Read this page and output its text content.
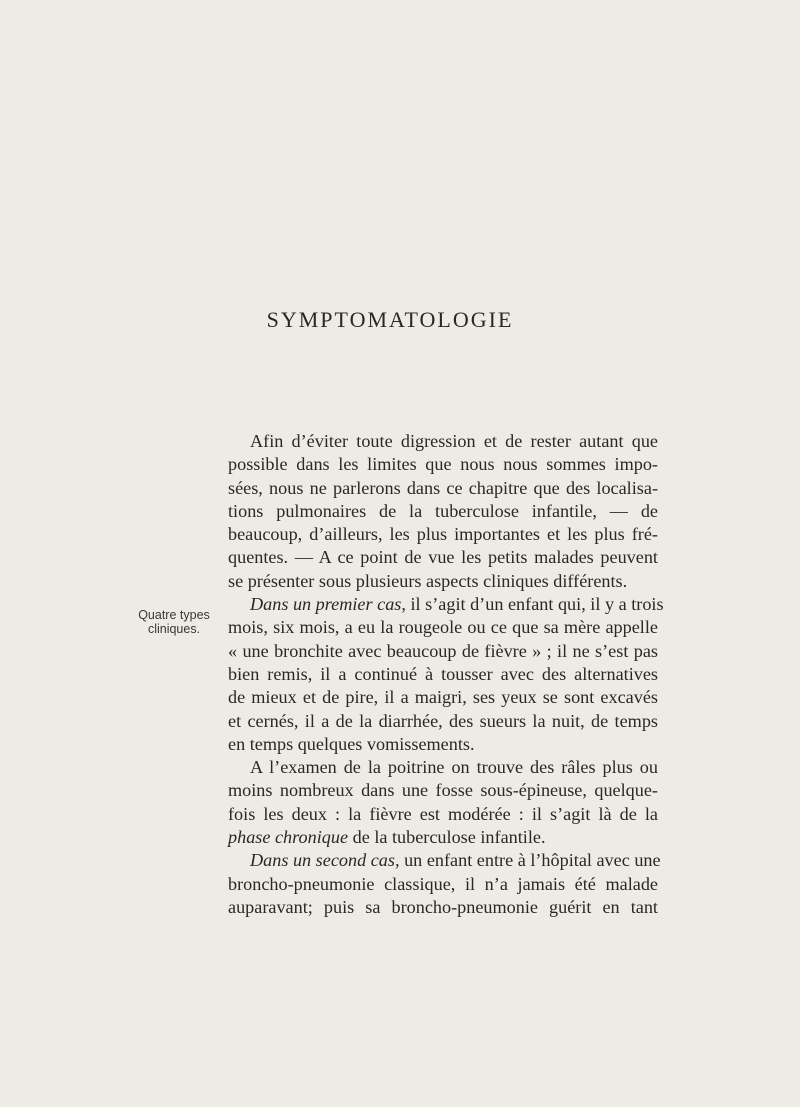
SYMPTOMATOLOGIE
Quatre types
cliniques.
Afin d’éviter toute digression et de rester autant que
possible dans les limites que nous nous sommes impo-
sées, nous ne parlerons dans ce chapitre que des localisa-
tions pulmonaires de la tuberculose infantile, — de
beaucoup, d’ailleurs, les plus importantes et les plus fré-
quentes. — A ce point de vue les petits malades peuvent
se présenter sous plusieurs aspects cliniques différents.
Dans un premier cas, il s’agit d’un enfant qui, il y a trois
mois, six mois, a eu la rougeole ou ce que sa mère appelle
« une bronchite avec beaucoup de fièvre » ; il ne s’est pas
bien remis, il a continué à tousser avec des alternatives
de mieux et de pire, il a maigri, ses yeux se sont excavés
et cernés, il a de la diarrhée, des sueurs la nuit, de temps
en temps quelques vomissements.
A l’examen de la poitrine on trouve des râles plus ou
moins nombreux dans une fosse sous-épineuse, quelque-
fois les deux : la fièvre est modérée : il s’agit là de la
phase chronique de la tuberculose infantile.
Dans un second cas, un enfant entre à l’hôpital avec une
broncho-pneumonie classique, il n’a jamais été malade
auparavant; puis sa broncho-pneumonie guérit en tant
